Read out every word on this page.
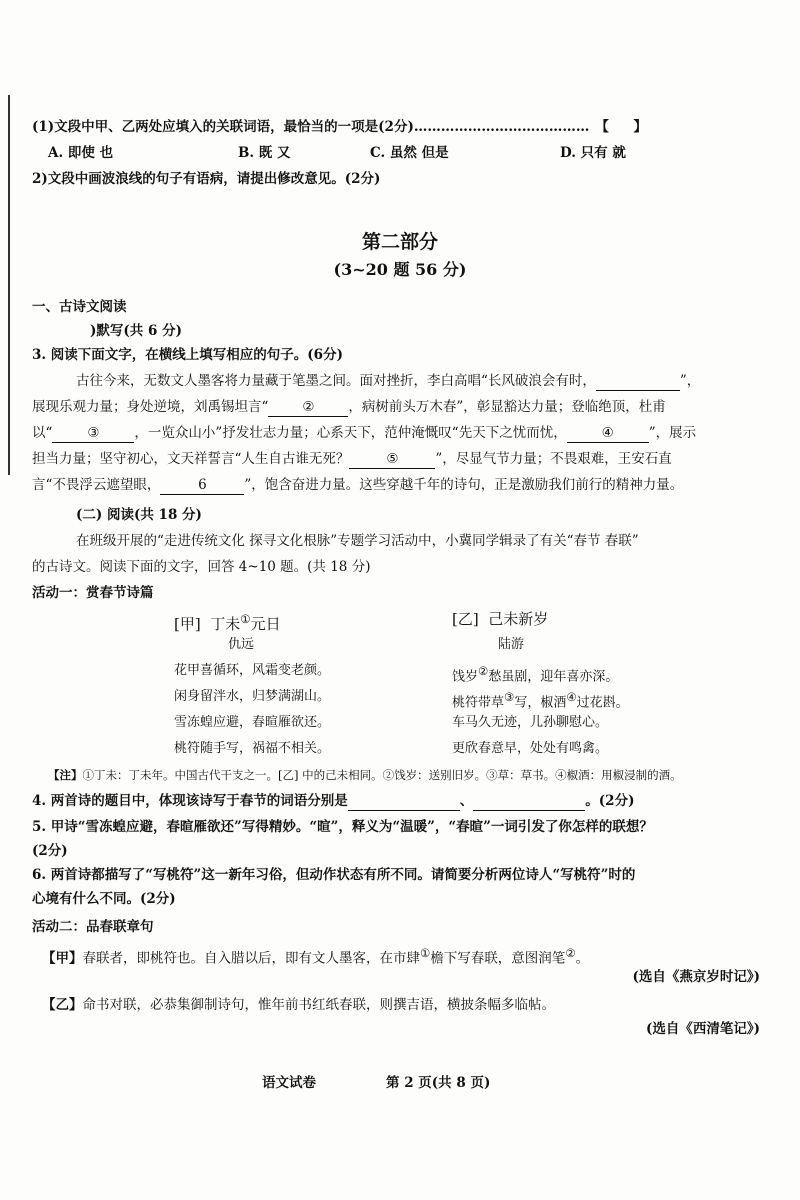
(1)文段中甲、乙两处应填入的关联词语，最恰当的一项是(2分)………………………………… 【 】
A. 即使 也	B. 既 又	C. 虽然 但是	D. 只有 就
2)文段中画波浪线的句子有语病，请提出修改意见。(2分)
第二部分
(3~20 题 56 分)
一、古诗文阅读
)默写(共 6 分)
3. 阅读下面文字，在横线上填写相应的句子。(6分)
古往今来，无数文人墨客将力量藏于笔墨之间。面对挫折，李白高唱“长风破浪会有时，	”，
展现乐观力量；身处逆境，刘禹锡坦言“	②	，病树前头万木春”，彰显豁达力量；登临绝顶，杜甫
以“	③	，一览众山小”抒发壮志力量；心系天下，范仲淹慨叹“先天下之忧而忧，	④	”，展示
担当力量；坚守初心，文天祥誓言“人生自古谁无死？	⑤	”，尽显气节力量；不畏艰难，王安石直
言“不畏浮云遮望眼，	6	”，饱含奋进力量。这些穿越千年的诗句，正是激励我们前行的精神力量。
(二) 阅读(共 18 分)
在班级开展的“走进传统文化 探寻文化根脉”专题学习活动中，小冀同学辑录了有关“春节 春联”
的古诗文。阅读下面的文字，回答 4~10 题。(共 18 分)
活动一：赏春节诗篇
[甲] 丁未①元日
仇远
花甲喜循环，风霜变老颜。
闲身留泮水，归梦满湖山。
雪冻蝗应避，春暄雁欲还。
桃符随手写，祸福不相关。
[乙] 己未新岁
陆游
饯岁②愁虽剧，迎年喜亦深。
桃符带草③写，椒酒④过花斟。
车马久无迹，儿孙聊慰心。
更欣春意早，处处有鸣禽。
【注】①丁未：丁未年。中国古代干支之一。[乙] 中的己未相同。②饯岁：送别旧岁。③草：草书。④椒酒：用椒浸制的酒。
4. 两首诗的题目中，体现该诗写于春节的词语分别是	、	。(2分)
5. 甲诗“雪冻蝗应避，春暄雁欲还”写得精妙。“暄”，释义为“温暖”，“春暄”一词引发了你怎样的联想？
(2分)
6. 两首诗都描写了“写桃符”这一新年习俗，但动作状态有所不同。请简要分析两位诗人“写桃符”时的
心境有什么不同。(2分)
活动二：品春联章句
【甲】春联者，即桃符也。自入腊以后，即有文人墨客，在市肆①檐下写春联，意图润笔②。
(选自《燕京岁时记》)
【乙】命书对联，必恭集御制诗句，惟年前书红纸春联，则撰吉语，横披条幅多临帖。
(选自《西清笔记》)
语文试卷	第 2 页(共 8 页)
